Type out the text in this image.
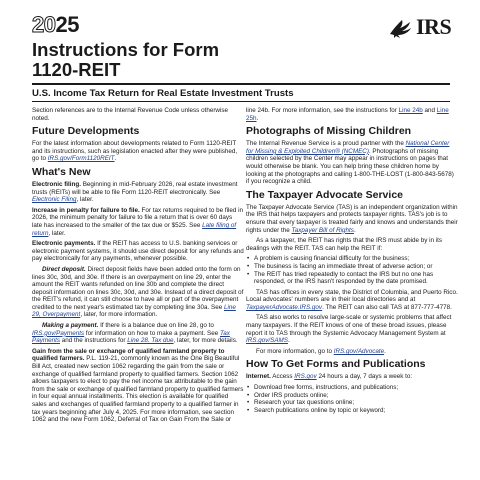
2025	IRS
Instructions for Form
1120-REIT
U.S. Income Tax Return for Real Estate Investment Trusts

Section references are to the Internal Revenue Code unless otherwise noted.

Future Developments

For the latest information about developments related to Form 1120-REIT and its instructions, such as legislation enacted after they were published, go to IRS.gov/Form1120REIT.

What's New

Electronic filing. Beginning in mid-February 2026, real estate investment trusts (REITs) will be able to file Form 1120-REIT electronically. See Electronic Filing, later.

Increase in penalty for failure to file. For tax returns required to be filed in 2026, the minimum penalty for failure to file a return that is over 60 days late has increased to the smaller of the tax due or $525. See Late filing of return, later.

Electronic payments. If the REIT has access to U.S. banking services or electronic payment systems, it should use direct deposit for any refunds and pay electronically for any payments, whenever possible.

Direct deposit. Direct deposit fields have been added onto the form on lines 30c, 30d, and 30e. If there is an overpayment on line 29, enter the amount the REIT wants refunded on line 30b and complete the direct deposit information on lines 30c, 30d, and 30e. Instead of a direct deposit of the REIT's refund, it can still choose to have all or part of the overpayment credited to the next year's estimated tax by completing line 30a. See Line 29, Overpayment, later, for more information.

Making a payment. If there is a balance due on line 28, go to IRS.gov/Payments for information on how to make a payment. See Tax Payments and the instructions for Line 28. Tax due, later, for more details.

Gain from the sale or exchange of qualified farmland property to qualified farmers. P.L. 119-21, commonly known as the One Big Beautiful Bill Act, created new section 1062 regarding the gain from the sale or exchange of qualified farmland property to qualified farmers. Section 1062 allows taxpayers to elect to pay the net income tax attributable to the gain from the sale or exchange of qualified farmland property to qualified farmers in four equal annual installments. This election is available for qualified sales and exchanges of qualified farmland property to a qualified farmer in tax years beginning after July 4, 2025. For more information, see section 1062 and the new Form 1062, Deferral of Tax on Gain From the Sale or

line 24b. For more information, see the instructions for Line 24b and Line 25h.

Photographs of Missing Children

The Internal Revenue Service is a proud partner with the National Center for Missing & Exploited Children® (NCMEC). Photographs of missing children selected by the Center may appear in instructions on pages that would otherwise be blank. You can help bring these children home by looking at the photographs and calling 1-800-THE-LOST (1-800-843-5678) if you recognize a child.

The Taxpayer Advocate Service

The Taxpayer Advocate Service (TAS) is an independent organization within the IRS that helps taxpayers and protects taxpayer rights. TAS's job is to ensure that every taxpayer is treated fairly and knows and understands their rights under the Taxpayer Bill of Rights.

As a taxpayer, the REIT has rights that the IRS must abide by in its dealings with the REIT. TAS can help the REIT if:

• A problem is causing financial difficulty for the business;
• The business is facing an immediate threat of adverse action; or
• The REIT has tried repeatedly to contact the IRS but no one has responded, or the IRS hasn't responded by the date promised.

TAS has offices in every state, the District of Columbia, and Puerto Rico. Local advocates' numbers are in their local directories and at TaxpayerAdvocate.IRS.gov. The REIT can also call TAS at 877-777-4778.

TAS also works to resolve large-scale or systemic problems that affect many taxpayers. If the REIT knows of one of these broad issues, please report it to TAS through the Systemic Advocacy Management System at IRS.gov/SAMS.

For more information, go to IRS.gov/Advocate.

How To Get Forms and Publications

Internet. Access IRS.gov 24 hours a day, 7 days a week to:

• Download free forms, instructions, and publications;
• Order IRS products online;
• Research your tax questions online;
• Search publications online by topic or keyword;
